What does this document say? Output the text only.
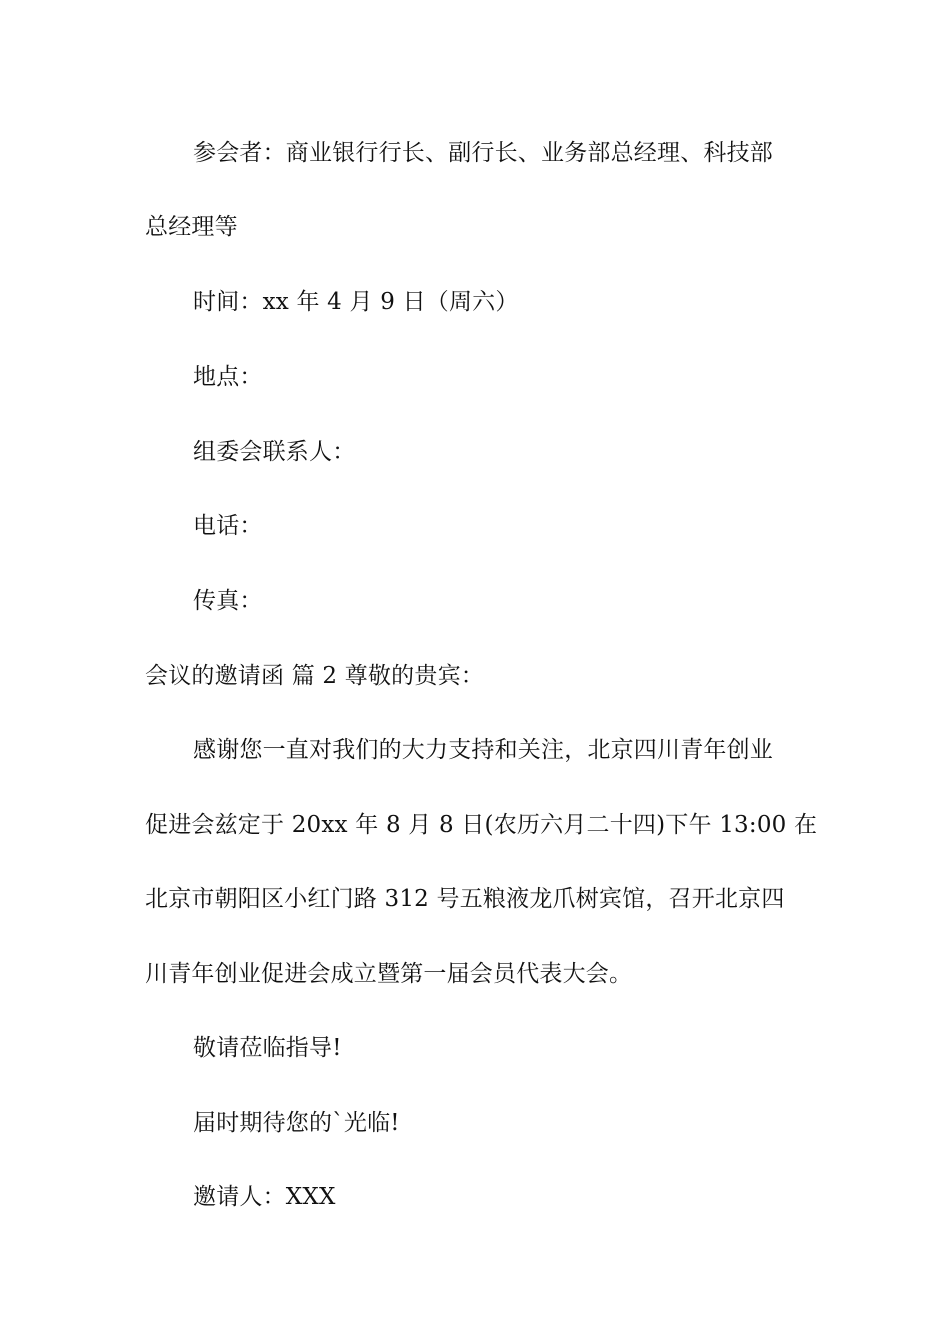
参会者：商业银行行长、副行长、业务部总经理、科技部
总经理等
时间：xx 年 4 月 9 日（周六）
地点：
组委会联系人：
电话：
传真：
会议的邀请函 篇 2 尊敬的贵宾：
感谢您一直对我们的大力支持和关注，北京四川青年创业
促进会兹定于 20xx 年 8 月 8 日(农历六月二十四)下午 13:00 在
北京市朝阳区小红门路 312 号五粮液龙爪树宾馆，召开北京四
川青年创业促进会成立暨第一届会员代表大会。
敬请莅临指导!
届时期待您的`光临!
邀请人：XXX
